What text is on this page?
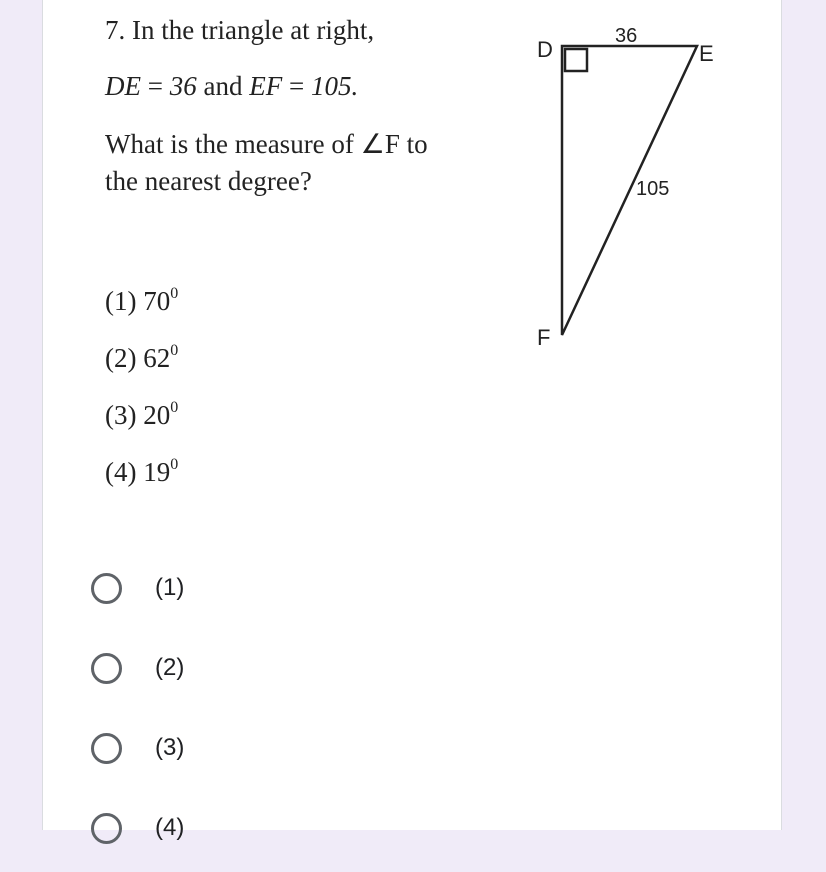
7. In the triangle at right,
DE = 36 and EF = 105.
What is the measure of ∠F to
the nearest degree?
(1) $70^0$
(2) $62^0$
(3) $20^0$
(4) $19^0$
D	E
F
36
105
(1)
(2)
(3)
(4)
